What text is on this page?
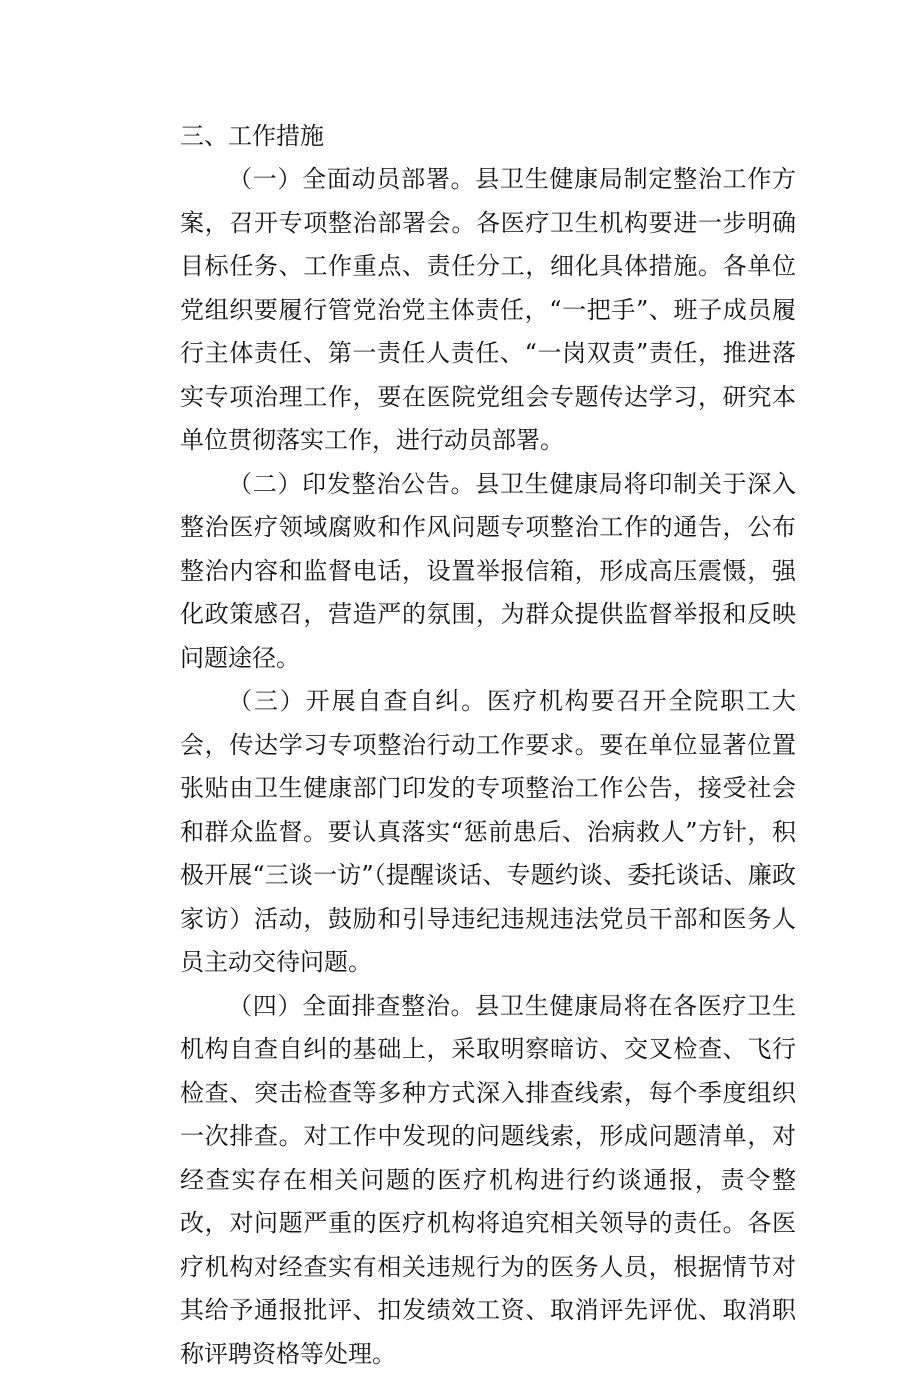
三、工作措施

（一）全面动员部署。县卫生健康局制定整治工作方案，召开专项整治部署会。各医疗卫生机构要进一步明确目标任务、工作重点、责任分工，细化具体措施。各单位党组织要履行管党治党主体责任，“一把手”、班子成员履行主体责任、第一责任人责任、“一岗双责”责任，推进落实专项治理工作，要在医院党组会专题传达学习，研究本单位贯彻落实工作，进行动员部署。

（二）印发整治公告。县卫生健康局将印制关于深入整治医疗领域腐败和作风问题专项整治工作的通告，公布整治内容和监督电话，设置举报信箱，形成高压震慑，强化政策感召，营造严的氛围，为群众提供监督举报和反映问题途径。

（三）开展自查自纠。医疗机构要召开全院职工大会，传达学习专项整治行动工作要求。要在单位显著位置张贴由卫生健康部门印发的专项整治工作公告，接受社会和群众监督。要认真落实“惩前患后、治病救人”方针，积极开展“三谈一访”（提醒谈话、专题约谈、委托谈话、廉政家访）活动，鼓励和引导违纪违规违法党员干部和医务人员主动交待问题。

（四）全面排查整治。县卫生健康局将在各医疗卫生机构自查自纠的基础上，采取明察暗访、交叉检查、飞行检查、突击检查等多种方式深入排查线索，每个季度组织一次排查。对工作中发现的问题线索，形成问题清单，对经查实存在相关问题的医疗机构进行约谈通报，责令整改，对问题严重的医疗机构将追究相关领导的责任。各医疗机构对经查实有相关违规行为的医务人员，根据情节对其给予通报批评、扣发绩效工资、取消评先评优、取消职称评聘资格等处理。
